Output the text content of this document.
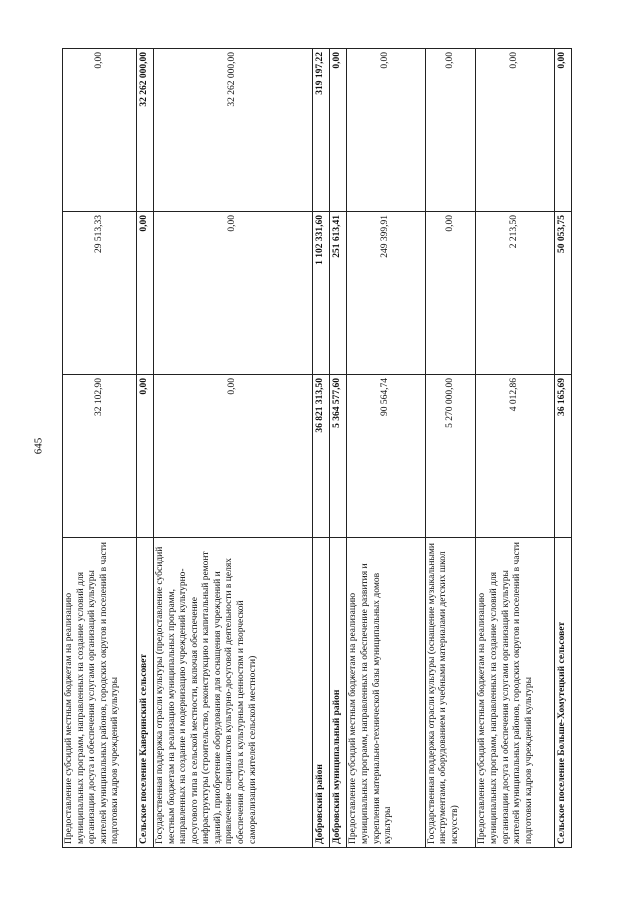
645
Предоставление субсидий местным бюджетам на реализацию муниципальных программ, направленных на создание условий для организации досуга и обеспечения услугами организаций культуры жителей муниципальных районов, городских округов и поселений в части подготовки кадров учреждений культуры	32 102,90	29 513,33	0,00
Сельское поселение Каверинский сельсовет	0,00	0,00	32 262 000,00
Государственная поддержка отрасли культуры (предоставление субсидий местным бюджетам на реализацию муниципальных программ, направленных на создание и модернизацию учреждений культурно-досугового типа в сельской местности, включая обеспечение инфраструктуры (строительство, реконструкцию и капитальный ремонт зданий), приобретение оборудования для оснащения учреждений и привлечение специалистов культурно-досуговой деятельности в целях обеспечения доступа к культурным ценностям и творческой самореализации жителей сельской местности)	0,00	0,00	32 262 000,00
Добровский район	36 821 313,50	1 102 331,60	319 197,22
Добровский муниципальный район	5 364 577,60	251 613,41	0,00
Предоставление субсидий местным бюджетам на реализацию муниципальных программ, направленных на обеспечение развития и укрепления материально-технической базы муниципальных домов культуры	90 564,74	249 399,91	0,00
Государственная поддержка отрасли культуры (оснащение музыкальными инструментами, оборудованием и учебными материалами детских школ искусств)	5 270 000,00	0,00	0,00
Предоставление субсидий местным бюджетам на реализацию муниципальных программ, направленных на создание условий для организации досуга и обеспечения услугами организаций культуры жителей муниципальных районов, городских округов и поселений в части подготовки кадров учреждений культуры	4 012,86	2 213,50	0,00
Сельское поселение Больше-Хомутецкий сельсовет	36 165,69	50 053,75	0,00
